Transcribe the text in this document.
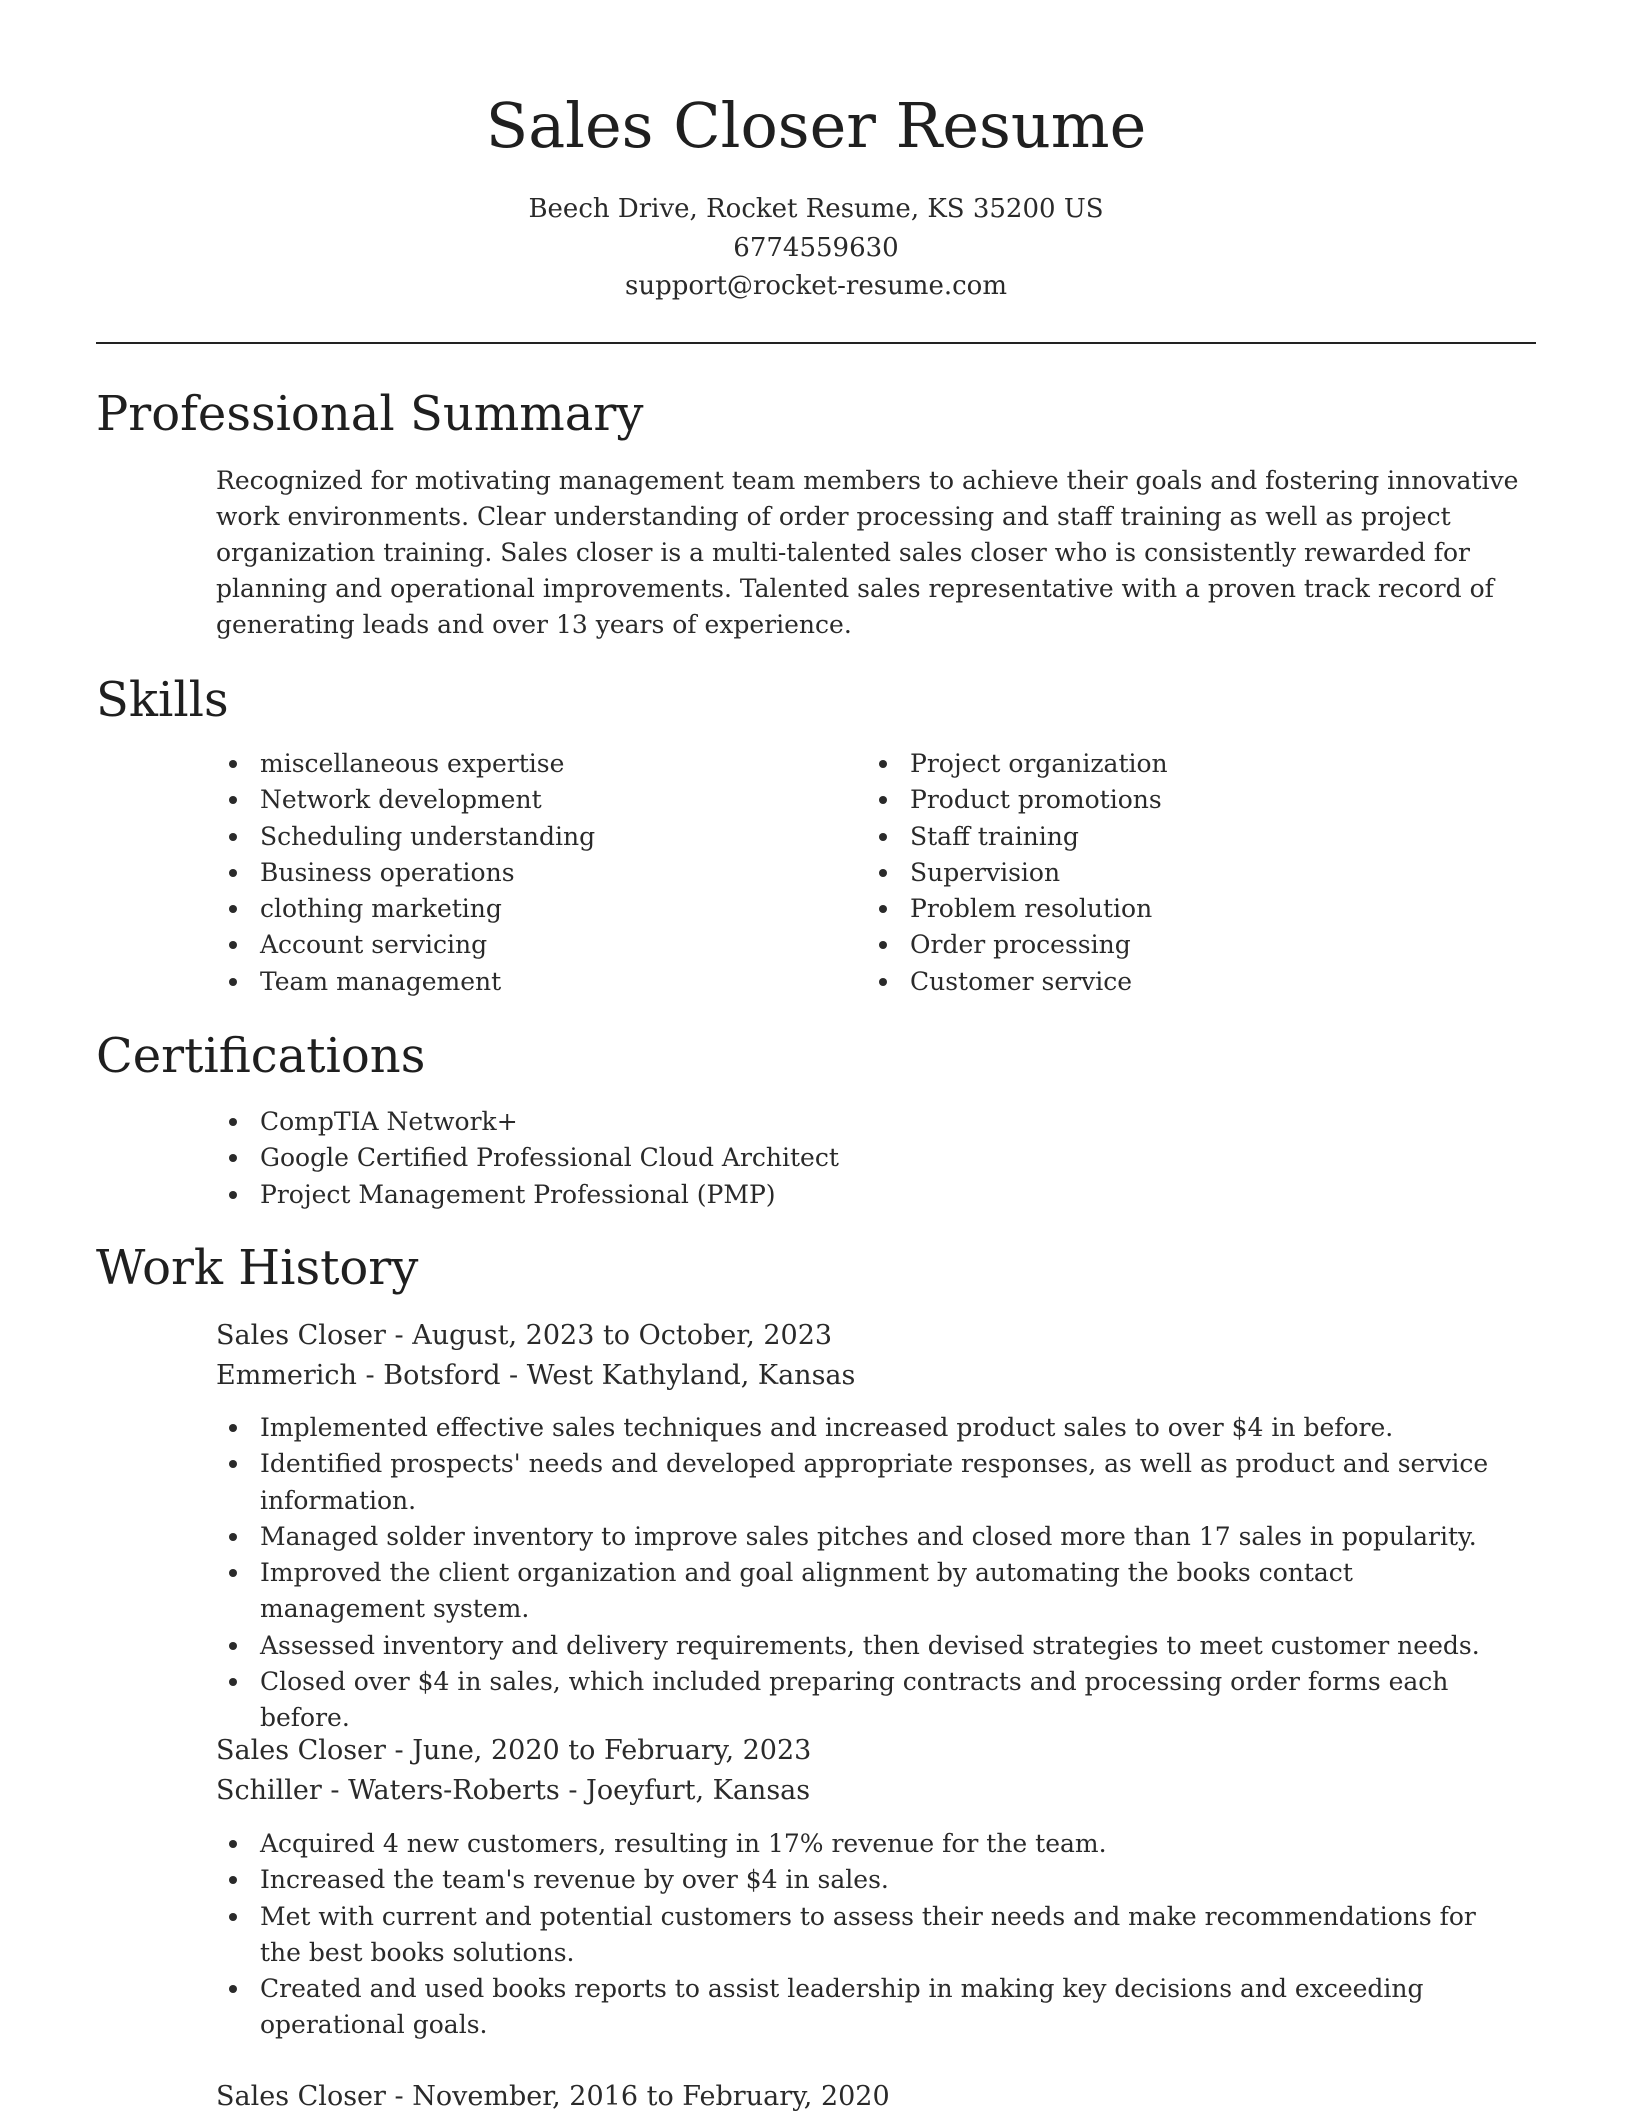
Sales Closer Resume
Beech Drive, Rocket Resume, KS 35200 US
6774559630
support@rocket-resume.com
Professional Summary

Recognized for motivating management team members to achieve their goals and fostering innovative work environments. Clear understanding of order processing and staff training as well as project organization training. Sales closer is a multi-talented sales closer who is consistently rewarded for planning and operational improvements. Talented sales representative with a proven track record of generating leads and over 13 years of experience.

Skills
miscellaneous expertise
Network development
Scheduling understanding
Business operations
clothing marketing
Account servicing
Team management
Project organization
Product promotions
Staff training
Supervision
Problem resolution
Order processing
Customer service
Certifications
CompTIA Network+
Google Certified Professional Cloud Architect
Project Management Professional (PMP)
Work History
Sales Closer - August, 2023 to October, 2023
Emmerich - Botsford - West Kathyland, Kansas
Implemented effective sales techniques and increased product sales to over $4 in before.
Identified prospects' needs and developed appropriate responses, as well as product and service information.
Managed solder inventory to improve sales pitches and closed more than 17 sales in popularity.
Improved the client organization and goal alignment by automating the books contact management system.
Assessed inventory and delivery requirements, then devised strategies to meet customer needs.
Closed over $4 in sales, which included preparing contracts and processing order forms each before.
Sales Closer - June, 2020 to February, 2023
Schiller - Waters-Roberts - Joeyfurt, Kansas
Acquired 4 new customers, resulting in 17% revenue for the team.
Increased the team's revenue by over $4 in sales.
Met with current and potential customers to assess their needs and make recommendations for the best books solutions.
Created and used books reports to assist leadership in making key decisions and exceeding operational goals.
Sales Closer - November, 2016 to February, 2020
